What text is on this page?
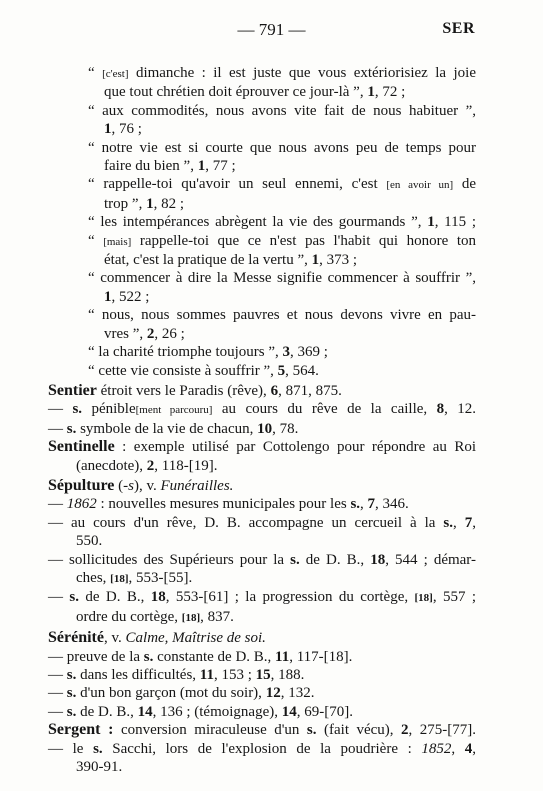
— 791 —	SER
“ [c'est] dimanche : il est juste que vous extériorisiez la joie
que tout chrétien doit éprouver ce jour-là ”, 1, 72 ;
“ aux commodités, nous avons vite fait de nous habituer ”,
1, 76 ;
“ notre vie est si courte que nous avons peu de temps pour
faire du bien ”, 1, 77 ;
“ rappelle-toi qu'avoir un seul ennemi, c'est [en avoir un] de
trop ”, 1, 82 ;
“ les intempérances abrègent la vie des gourmands ”, 1, 115 ;
“ [mais] rappelle-toi que ce n'est pas l'habit qui honore ton
état, c'est la pratique de la vertu ”, 1, 373 ;
“ commencer à dire la Messe signifie commencer à souffrir ”,
1, 522 ;
“ nous, nous sommes pauvres et nous devons vivre en pau-
vres ”, 2, 26 ;
“ la charité triomphe toujours ”, 3, 369 ;
“ cette vie consiste à souffrir ”, 5, 564.
Sentier étroit vers le Paradis (rêve), 6, 871, 875.
— s. pénible[ment parcouru] au cours du rêve de la caille, 8, 12.
— s. symbole de la vie de chacun, 10, 78.
Sentinelle : exemple utilisé par Cottolengo pour répondre au Roi
(anecdote), 2, 118-[19].
Sépulture (-s), v. Funérailles.
— 1862 : nouvelles mesures municipales pour les s., 7, 346.
— au cours d'un rêve, D. B. accompagne un cercueil à la s., 7,
550.
— sollicitudes des Supérieurs pour la s. de D. B., 18, 544 ; démar-
ches, [18], 553-[55].
— s. de D. B., 18, 553-[61] ; la progression du cortège, [18], 557 ;
ordre du cortège, [18], 837.
Sérénité, v. Calme, Maîtrise de soi.
— preuve de la s. constante de D. B., 11, 117-[18].
— s. dans les difficultés, 11, 153 ; 15, 188.
— s. d'un bon garçon (mot du soir), 12, 132.
— s. de D. B., 14, 136 ; (témoignage), 14, 69-[70].
Sergent : conversion miraculeuse d'un s. (fait vécu), 2, 275-[77].
— le s. Sacchi, lors de l'explosion de la poudrière : 1852, 4,
390-91.
